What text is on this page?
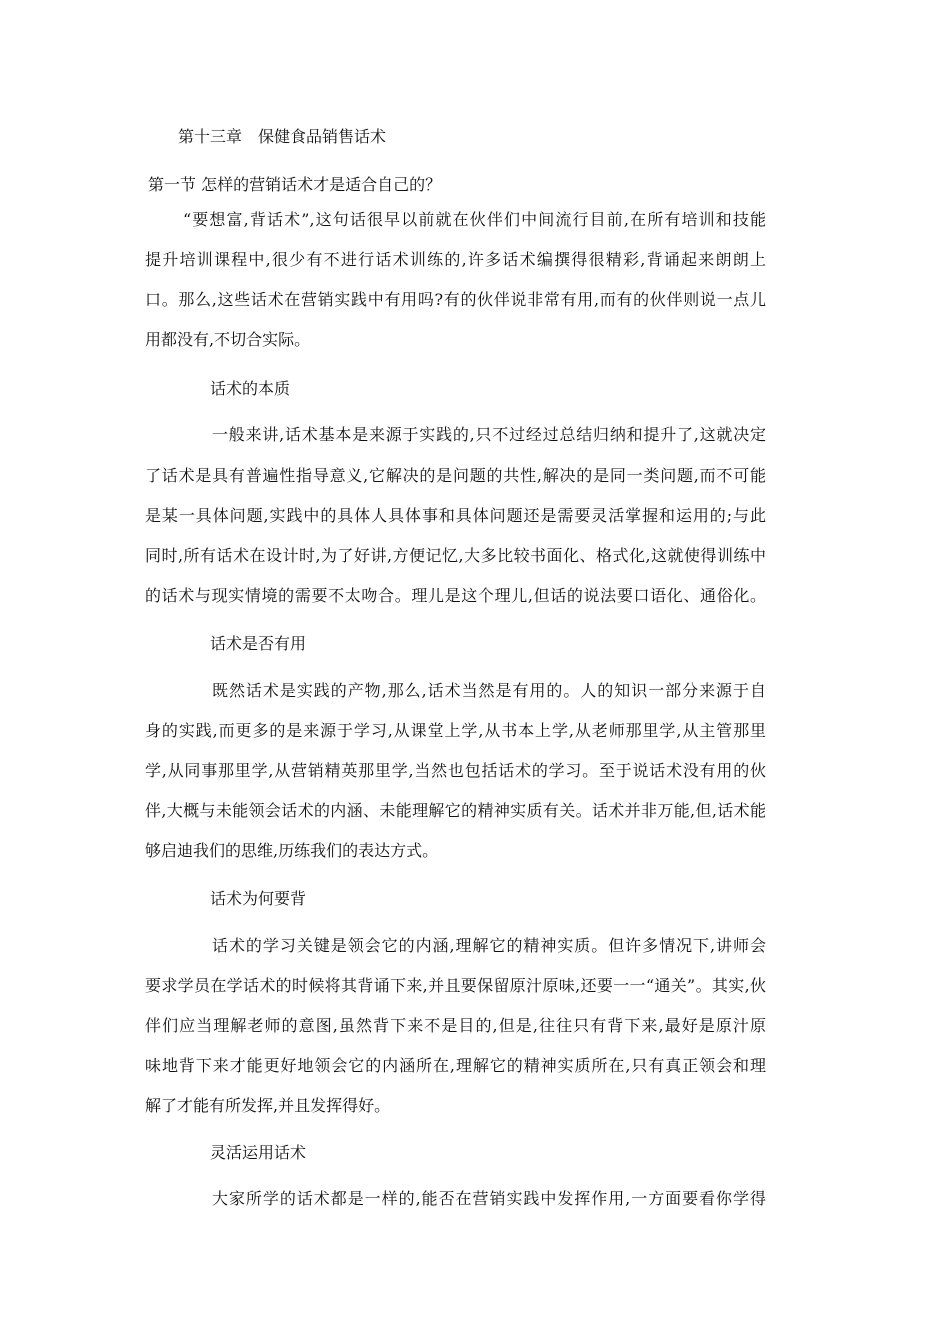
第十三章　保健食品销售话术

第一节 怎样的营销话术才是适合自己的？

“要想富,背话术”,这句话很早以前就在伙伴们中间流行目前,在所有培训和技能

提升培训课程中,很少有不进行话术训练的,许多话术编撰得很精彩,背诵起来朗朗上

口。那么,这些话术在营销实践中有用吗?有的伙伴说非常有用,而有的伙伴则说一点儿

用都没有,不切合实际。

话术的本质

一般来讲,话术基本是来源于实践的,只不过经过总结归纳和提升了,这就决定

了话术是具有普遍性指导意义,它解决的是问题的共性,解决的是同一类问题,而不可能

是某一具体问题,实践中的具体人具体事和具体问题还是需要灵活掌握和运用的;与此

同时,所有话术在设计时,为了好讲,方便记忆,大多比较书面化、格式化,这就使得训练中

的话术与现实情境的需要不太吻合。理儿是这个理儿,但话的说法要口语化、通俗化。

话术是否有用

既然话术是实践的产物,那么,话术当然是有用的。人的知识一部分来源于自

身的实践,而更多的是来源于学习,从课堂上学,从书本上学,从老师那里学,从主管那里

学,从同事那里学,从营销精英那里学,当然也包括话术的学习。至于说话术没有用的伙

伴,大概与未能领会话术的内涵、未能理解它的精神实质有关。话术并非万能,但,话术能

够启迪我们的思维,历练我们的表达方式。

话术为何要背

话术的学习关键是领会它的内涵,理解它的精神实质。但许多情况下,讲师会

要求学员在学话术的时候将其背诵下来,并且要保留原汁原味,还要一一“通关”。其实,伙

伴们应当理解老师的意图,虽然背下来不是目的,但是,往往只有背下来,最好是原汁原

味地背下来才能更好地领会它的内涵所在,理解它的精神实质所在,只有真正领会和理

解了才能有所发挥,并且发挥得好。

灵活运用话术

大家所学的话术都是一样的,能否在营销实践中发挥作用,一方面要看你学得
